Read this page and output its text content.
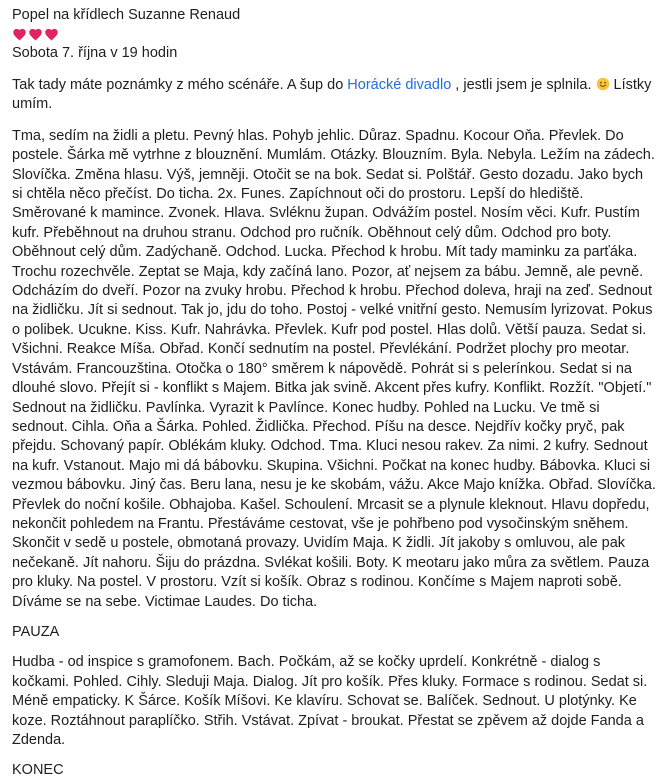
Popel na křídlech Suzanne Renaud
Sobota 7. října v 19 hodin

Tak tady máte poznámky z mého scénáře. A šup do Horácké divadlo , jestli jsem je splnila.  Lístky umím.

Tma, sedím na židli a pletu. Pevný hlas. Pohyb jehlic. Důraz. Spadnu. Kocour Oňa. Převlek. Do postele. Šárka mě vytrhne z blouznění. Mumlám. Otázky. Blouzním. Byla. Nebyla. Ležím na zádech. Slovíčka. Změna hlasu. Výš, jemněji. Otočit se na bok. Sedat si. Polštář. Gesto dozadu. Jako bych si chtěla něco přečíst. Do ticha. 2x. Funes. Zapíchnout oči do prostoru. Lepší do hlediště. Směrované k mamince. Zvonek. Hlava. Svléknu župan. Odvážím postel. Nosím věci. Kufr. Pustím kufr. Přeběhnout na druhou stranu. Odchod pro ručník. Oběhnout celý dům. Odchod pro boty. Oběhnout celý dům. Zadýchaně. Odchod. Lucka. Přechod k hrobu. Mít tady maminku za parťáka. Trochu rozechvěle. Zeptat se Maja, kdy začíná lano. Pozor, ať nejsem za bábu. Jemně, ale pevně. Odcházím do dveří. Pozor na zvuky hrobu. Přechod k hrobu. Přechod doleva, hraji na zeď. Sednout na židličku. Jít si sednout. Tak jo, jdu do toho. Postoj - velké vnitřní gesto. Nemusím lyrizovat. Pokus o polibek. Ucukne. Kiss. Kufr. Nahrávka. Převlek. Kufr pod postel. Hlas dolů. Větší pauza. Sedat si. Všichni. Reakce Míša. Obřad. Končí sednutím na postel. Převlékání. Podržet plochy pro meotar. Vstávám. Francouzština. Otočka o 180° směrem k nápovědě. Pohrát si s pelerínkou. Sedat si na dlouhé slovo. Přejít si - konflikt s Majem. Bitka jak svině. Akcent přes kufry. Konflikt. Rozžít. "Objetí." Sednout na židličku. Pavlínka. Vyrazit k Pavlínce. Konec hudby. Pohled na Lucku. Ve tmě si sednout. Cihla. Oňa a Šárka. Pohled. Židlička. Přechod. Píšu na desce. Nejdřív kočky pryč, pak přejdu. Schovaný papír. Oblékám kluky. Odchod. Tma. Kluci nesou rakev. Za nimi. 2 kufry. Sednout na kufr. Vstanout. Majo mi dá bábovku. Skupina. Všichni. Počkat na konec hudby. Bábovka. Kluci si vezmou bábovku. Jiný čas. Beru lana, nesu je ke skobám, vážu. Akce Majo knížka. Obřad. Slovíčka. Převlek do noční košile. Obhajoba. Kašel. Schoulení. Mrcasit se a plynule kleknout. Hlavu dopředu, nekončit pohledem na Frantu. Přestáváme cestovat, vše je pohřbeno pod vysočinským sněhem. Skončit v sedě u postele, obmotaná provazy. Uvidím Maja. K židli. Jít jakoby s omluvou, ale pak nečekaně. Jít nahoru. Šiju do prázdna. Svlékat košili. Boty. K meotaru jako můra za světlem. Pauza pro kluky. Na postel. V prostoru. Vzít si košík. Obraz s rodinou. Končíme s Majem naproti sobě. Díváme se na sebe. Victimae Laudes. Do ticha.

PAUZA

Hudba - od inspice s gramofonem. Bach. Počkám, až se kočky uprdelí. Konkrétně - dialog s kočkami. Pohled. Cihly. Sleduji Maja. Dialog. Jít pro košík. Přes kluky. Formace s rodinou. Sedat si. Méně empaticky. K Šárce. Košík Míšovi. Ke klavíru. Schovat se. Balíček. Sednout. U plotýnky. Ke koze. Roztáhnout paraplíčko. Střih. Vstávat. Zpívat - broukat. Přestat se zpěvem až dojde Fanda a Zdenda.

KONEC
